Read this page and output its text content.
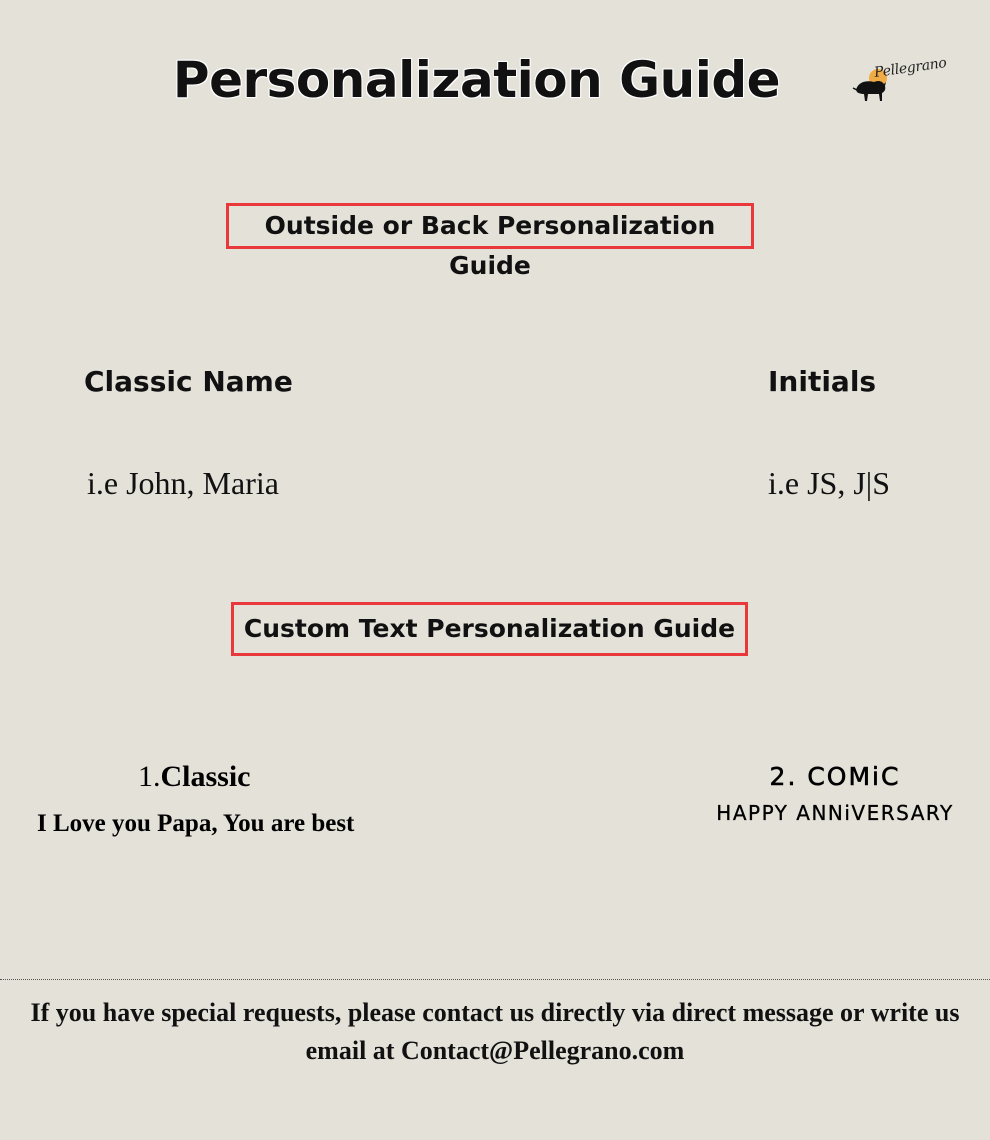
Personalization Guide	Pellegrano
Outside or Back Personalization Guide
Classic Name	Initials
i.e John, Maria	i.e JS, J|S
Custom Text Personalization Guide
1.Classic
I Love you Papa, You are best
2. COMiC
HAPPY ANNiVERSARY
If you have special requests, please contact us directly via direct message or write us
email at Contact@Pellegrano.com
